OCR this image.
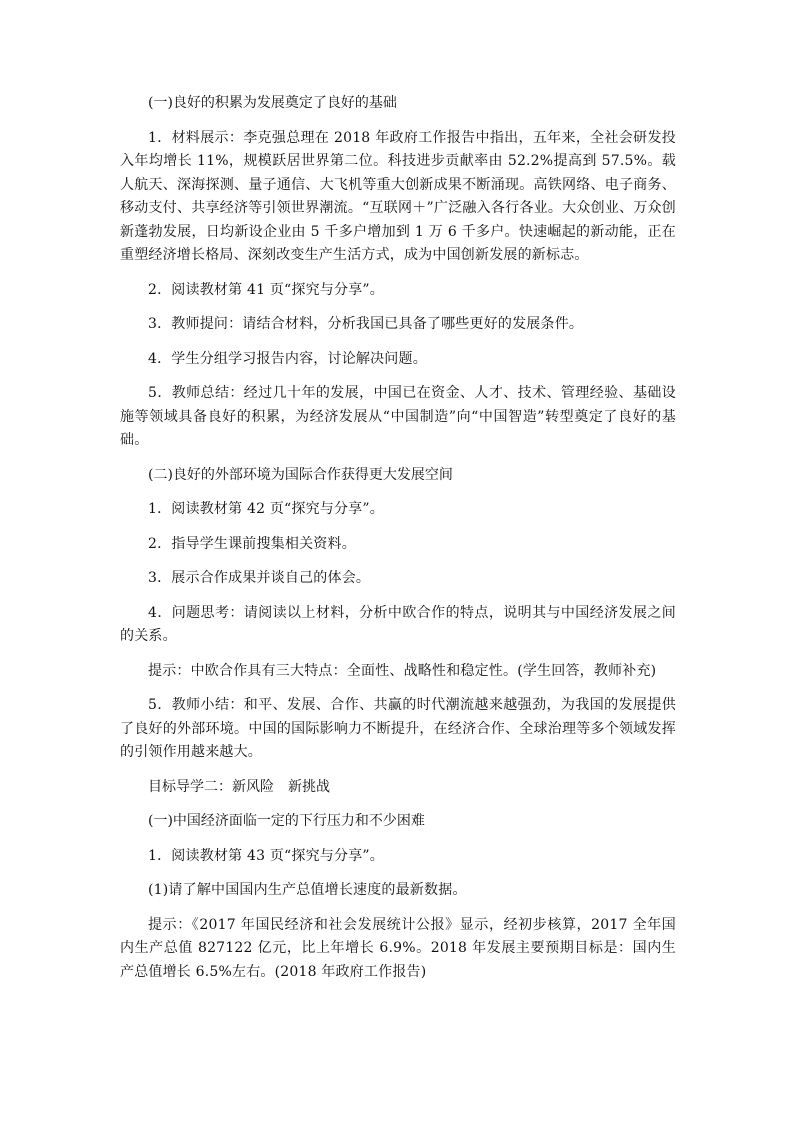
(一)良好的积累为发展奠定了良好的基础

1．材料展示：李克强总理在 2018 年政府工作报告中指出，五年来，全社会研发投入年均增长 11%，规模跃居世界第二位。科技进步贡献率由 52.2%提高到 57.5%。载人航天、深海探测、量子通信、大飞机等重大创新成果不断涌现。高铁网络、电子商务、移动支付、共享经济等引领世界潮流。“互联网＋”广泛融入各行各业。大众创业、万众创新蓬勃发展，日均新设企业由 5 千多户增加到 1 万 6 千多户。快速崛起的新动能，正在重塑经济增长格局、深刻改变生产生活方式，成为中国创新发展的新标志。

2．阅读教材第 41 页“探究与分享”。

3．教师提问：请结合材料，分析我国已具备了哪些更好的发展条件。

4．学生分组学习报告内容，讨论解决问题。

5．教师总结：经过几十年的发展，中国已在资金、人才、技术、管理经验、基础设施等领域具备良好的积累，为经济发展从“中国制造”向“中国智造”转型奠定了良好的基础。

(二)良好的外部环境为国际合作获得更大发展空间

1．阅读教材第 42 页“探究与分享”。

2．指导学生课前搜集相关资料。

3．展示合作成果并谈自己的体会。

4．问题思考：请阅读以上材料，分析中欧合作的特点，说明其与中国经济发展之间的关系。

提示：中欧合作具有三大特点：全面性、战略性和稳定性。(学生回答，教师补充)

5．教师小结：和平、发展、合作、共赢的时代潮流越来越强劲，为我国的发展提供了良好的外部环境。中国的国际影响力不断提升，在经济合作、全球治理等多个领域发挥的引领作用越来越大。

目标导学二：新风险　新挑战

(一)中国经济面临一定的下行压力和不少困难

1．阅读教材第 43 页“探究与分享”。

(1)请了解中国国内生产总值增长速度的最新数据。

提示：《2017 年国民经济和社会发展统计公报》显示，经初步核算，2017 全年国内生产总值 827122 亿元，比上年增长 6.9%。2018 年发展主要预期目标是：国内生产总值增长 6.5%左右。(2018 年政府工作报告)
